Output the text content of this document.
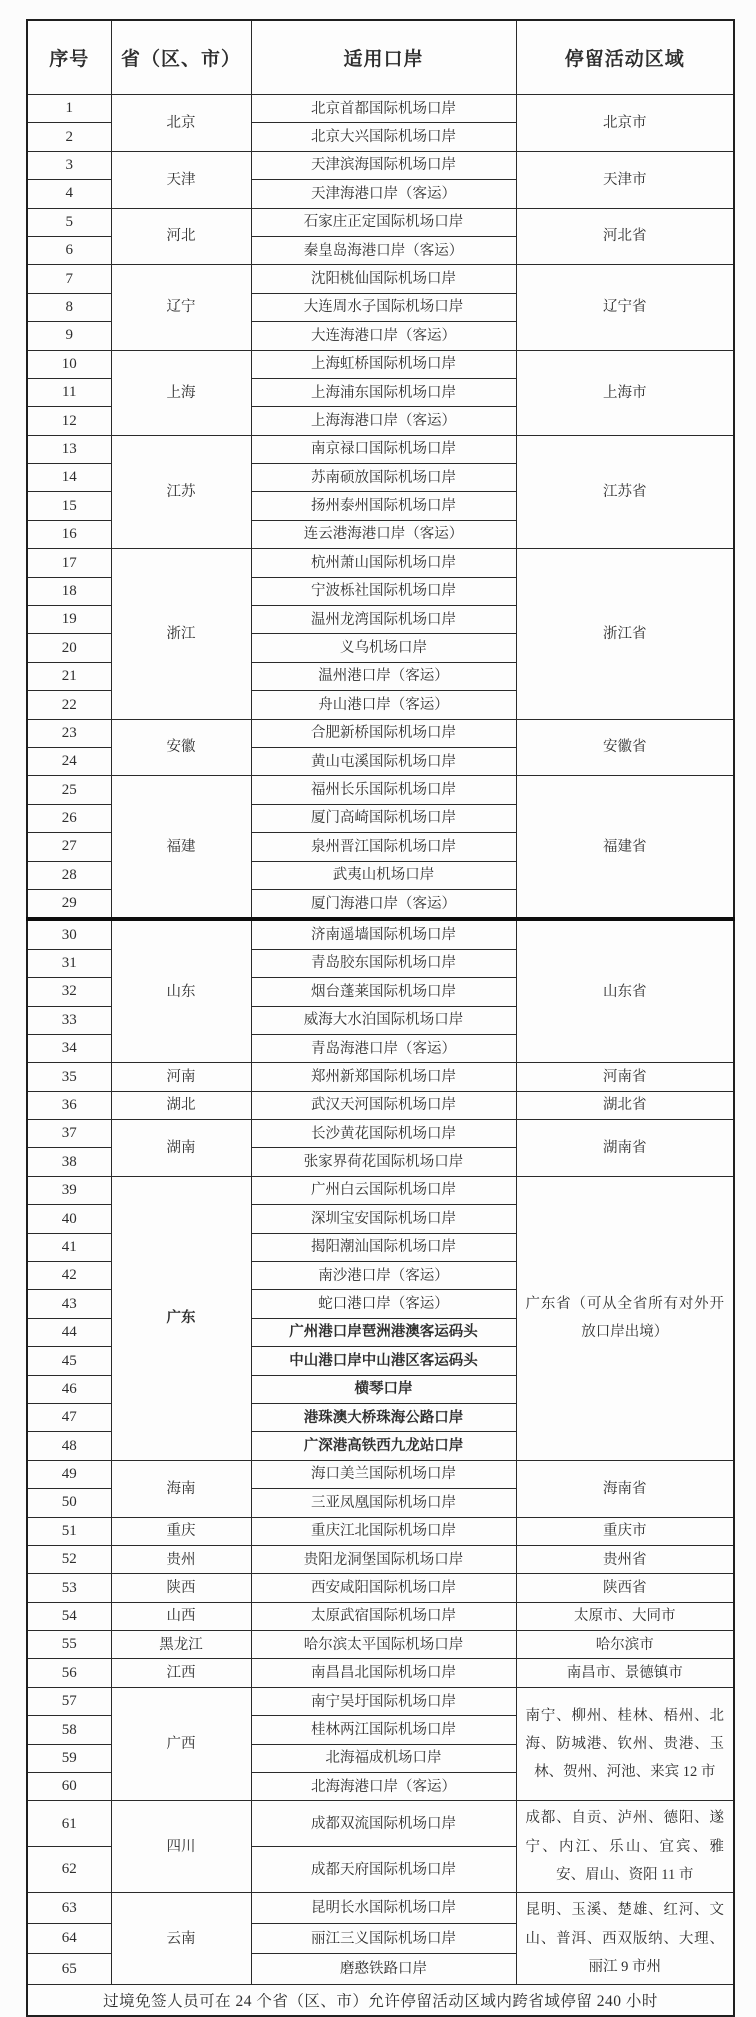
序号	省（区、市）	适用口岸	停留活动区域
1	北京	北京首都国际机场口岸	北京市
2		北京大兴国际机场口岸	
3	天津	天津滨海国际机场口岸	天津市
4		天津海港口岸（客运）	
5	河北	石家庄正定国际机场口岸	河北省
6		秦皇岛海港口岸（客运）	
7	辽宁	沈阳桃仙国际机场口岸	辽宁省
8		大连周水子国际机场口岸	
9		大连海港口岸（客运）	
10	上海	上海虹桥国际机场口岸	上海市
11		上海浦东国际机场口岸	
12		上海海港口岸（客运）	
13	江苏	南京禄口国际机场口岸	江苏省
14		苏南硕放国际机场口岸	
15		扬州泰州国际机场口岸	
16		连云港海港口岸（客运）	
17	浙江	杭州萧山国际机场口岸	浙江省
18		宁波栎社国际机场口岸	
19		温州龙湾国际机场口岸	
20		义乌机场口岸	
21		温州港口岸（客运）	
22		舟山港口岸（客运）	
23	安徽	合肥新桥国际机场口岸	安徽省
24		黄山屯溪国际机场口岸	
25	福建	福州长乐国际机场口岸	福建省
26		厦门高崎国际机场口岸	
27		泉州晋江国际机场口岸	
28		武夷山机场口岸	
29		厦门海港口岸（客运）	
30	山东	济南遥墙国际机场口岸	山东省
31		青岛胶东国际机场口岸	
32		烟台蓬莱国际机场口岸	
33		威海大水泊国际机场口岸	
34		青岛海港口岸（客运）	
35	河南	郑州新郑国际机场口岸	河南省
36	湖北	武汉天河国际机场口岸	湖北省
37	湖南	长沙黄花国际机场口岸	湖南省
38		张家界荷花国际机场口岸	
39	广东	广州白云国际机场口岸	广东省（可从全省所有对外开放口岸出境）
40		深圳宝安国际机场口岸	
41		揭阳潮汕国际机场口岸	
42		南沙港口岸（客运）	
43		蛇口港口岸（客运）	
44		广州港口岸琶洲港澳客运码头	
45		中山港口岸中山港区客运码头	
46		横琴口岸	
47		港珠澳大桥珠海公路口岸	
48		广深港高铁西九龙站口岸	
49	海南	海口美兰国际机场口岸	海南省
50		三亚凤凰国际机场口岸	
51	重庆	重庆江北国际机场口岸	重庆市
52	贵州	贵阳龙洞堡国际机场口岸	贵州省
53	陕西	西安咸阳国际机场口岸	陕西省
54	山西	太原武宿国际机场口岸	太原市、大同市
55	黑龙江	哈尔滨太平国际机场口岸	哈尔滨市
56	江西	南昌昌北国际机场口岸	南昌市、景德镇市
57	广西	南宁吴圩国际机场口岸	南宁、柳州、桂林、梧州、北海、防城港、钦州、贵港、玉林、贺州、河池、来宾 12 市
58		桂林两江国际机场口岸	
59		北海福成机场口岸	
60		北海海港口岸（客运）	
61	四川	成都双流国际机场口岸	成都、自贡、泸州、德阳、遂宁、内江、乐山、宜宾、雅安、眉山、资阳 11 市
62		成都天府国际机场口岸	
63	云南	昆明长水国际机场口岸	昆明、玉溪、楚雄、红河、文山、普洱、西双版纳、大理、丽江 9 市州
64		丽江三义国际机场口岸	
65		磨憨铁路口岸	
过境免签人员可在 24 个省（区、市）允许停留活动区域内跨省域停留 240 小时			
